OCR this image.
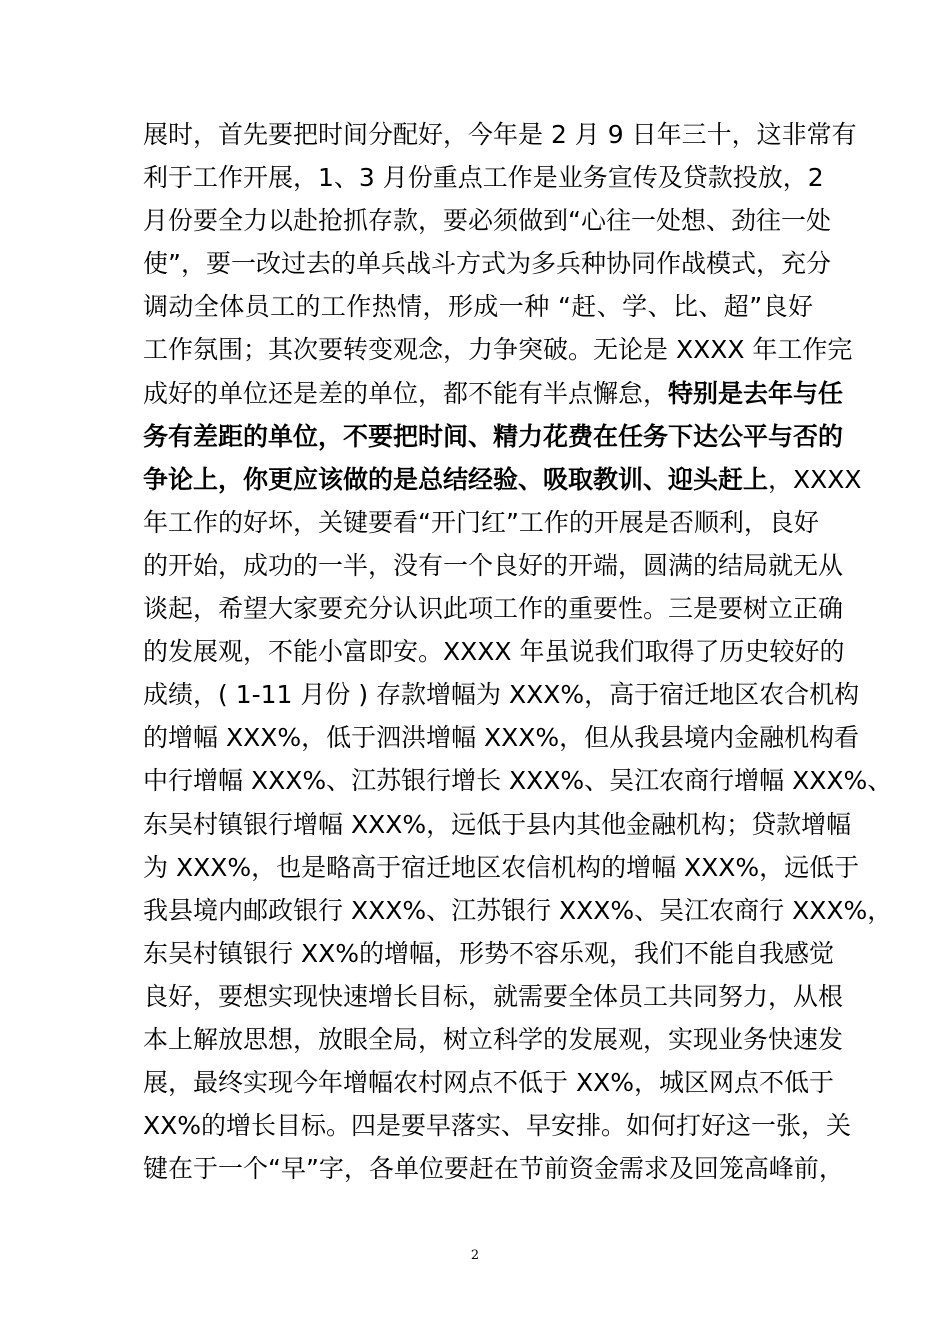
展时，首先要把时间分配好，今年是 2 月 9 日年三十，这非常有
利于工作开展，1、3 月份重点工作是业务宣传及贷款投放，2
月份要全力以赴抢抓存款，要必须做到“心往一处想、劲往一处
使”，要一改过去的单兵战斗方式为多兵种协同作战模式，充分
调动全体员工的工作热情，形成一种 “赶、学、比、超”良好
工作氛围；其次要转变观念，力争突破。无论是 XXXX 年工作完
成好的单位还是差的单位，都不能有半点懈怠，特别是去年与任
务有差距的单位，不要把时间、精力花费在任务下达公平与否的
争论上，你更应该做的是总结经验、吸取教训、迎头赶上，XXXX
年工作的好坏，关键要看“开门红”工作的开展是否顺利，良好
的开始，成功的一半，没有一个良好的开端，圆满的结局就无从
谈起，希望大家要充分认识此项工作的重要性。三是要树立正确
的发展观，不能小富即安。XXXX 年虽说我们取得了历史较好的
成绩，( 1-11 月份 ) 存款增幅为 XXX%，高于宿迁地区农合机构
的增幅 XXX%，低于泗洪增幅 XXX%，但从我县境内金融机构看
中行增幅 XXX%、江苏银行增长 XXX%、吴江农商行增幅 XXX%、
东吴村镇银行增幅 XXX%，远低于县内其他金融机构；贷款增幅
为 XXX%，也是略高于宿迁地区农信机构的增幅 XXX%，远低于
我县境内邮政银行 XXX%、江苏银行 XXX%、吴江农商行 XXX%，
东吴村镇银行 XX%的增幅，形势不容乐观，我们不能自我感觉
良好，要想实现快速增长目标，就需要全体员工共同努力，从根
本上解放思想，放眼全局，树立科学的发展观，实现业务快速发
展，最终实现今年增幅农村网点不低于 XX%，城区网点不低于
XX%的增长目标。四是要早落实、早安排。如何打好这一张，关
键在于一个“早”字，各单位要赶在节前资金需求及回笼高峰前，
2
